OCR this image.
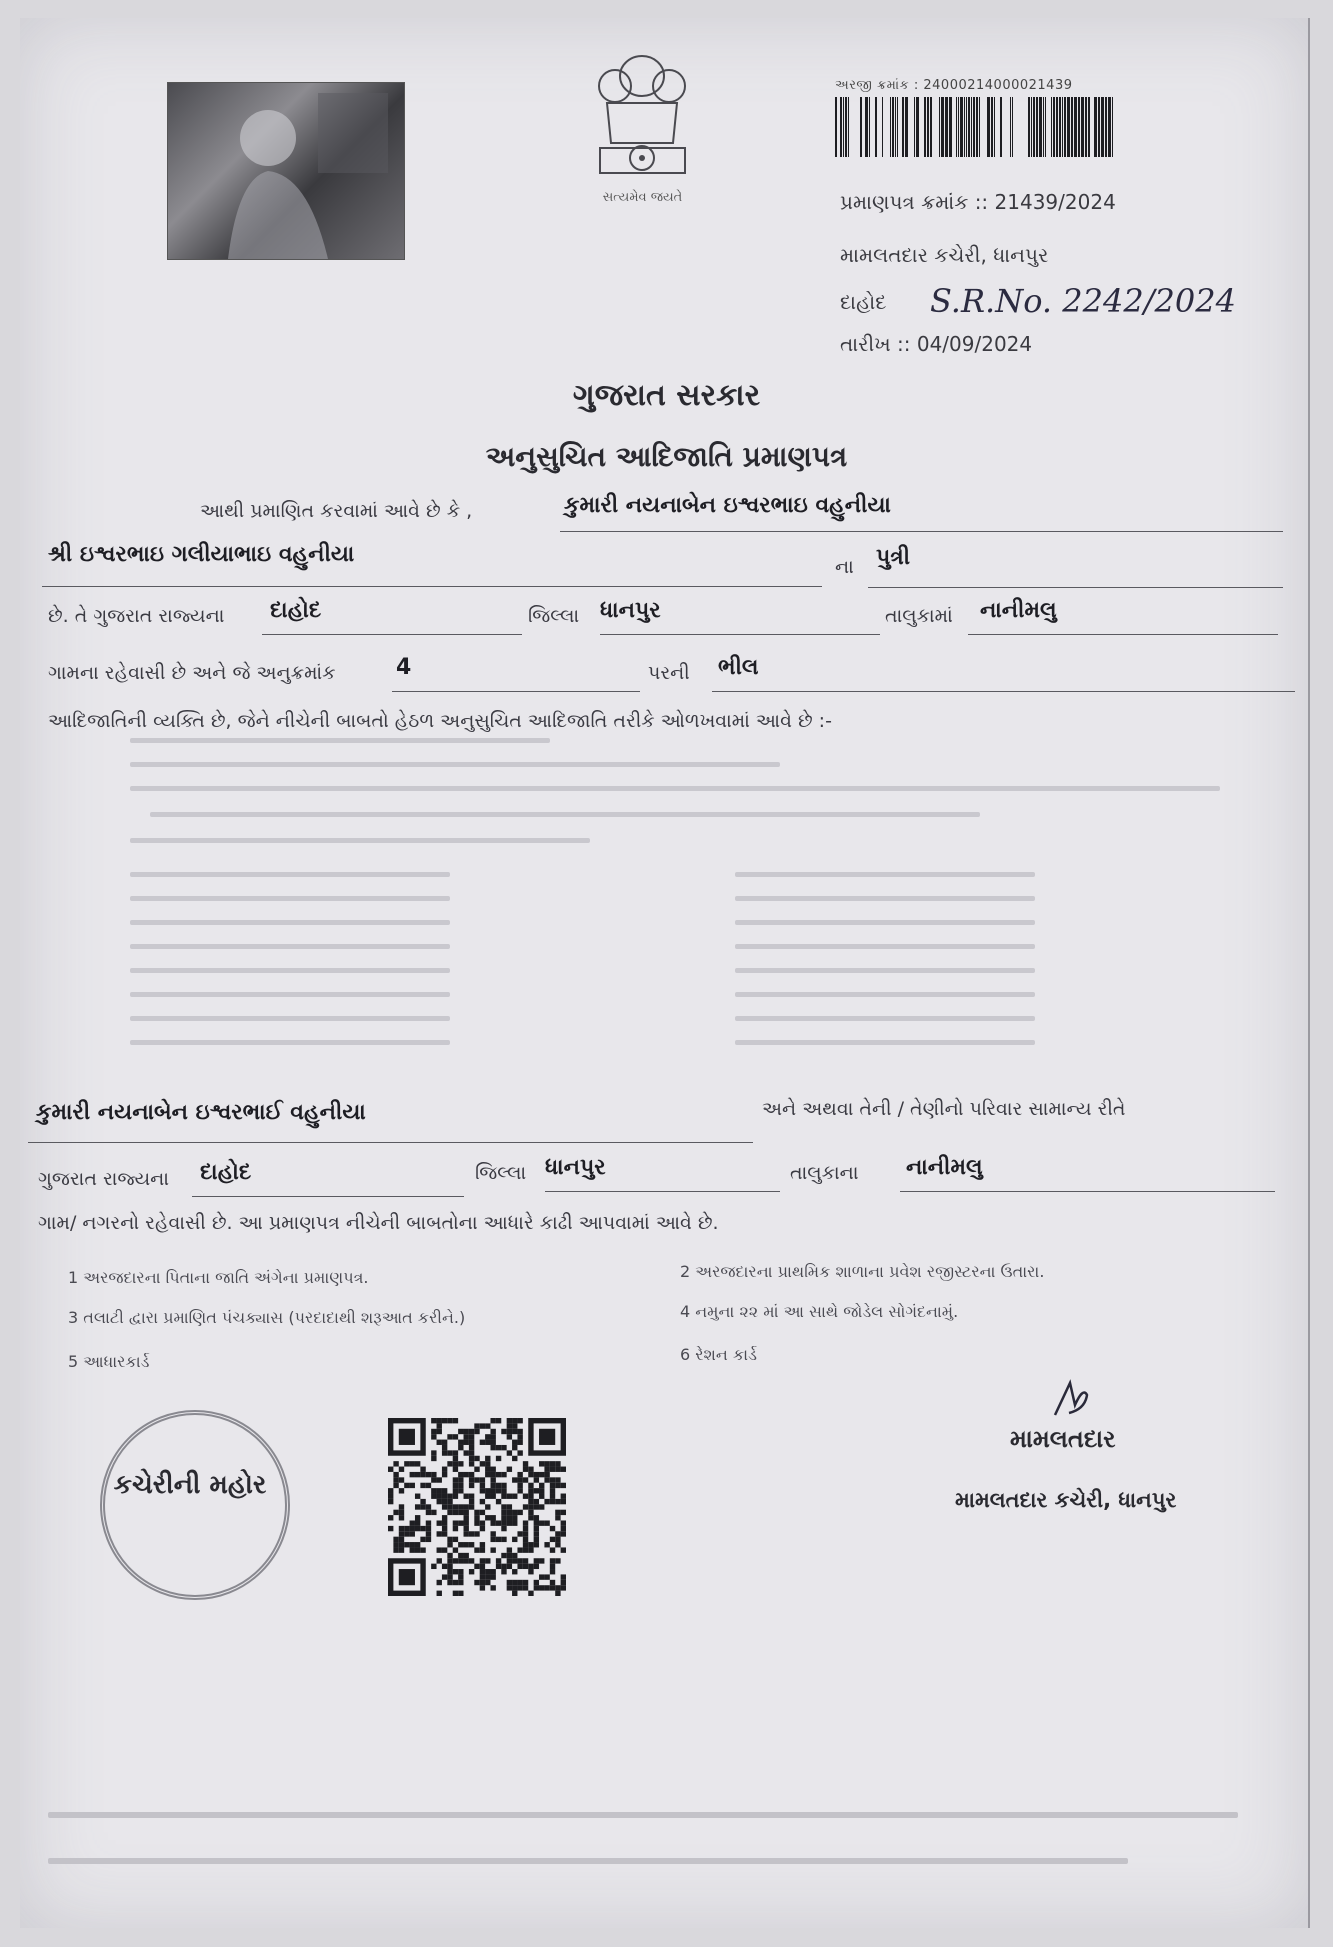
સત્યમેવ જયતે
અરજી ક્રમાંક : 24000214000021439
પ્રમાણપત્ર ક્રમાંક :: 21439/2024
મામલતદાર કચેરી, ધાનપુર
દાહોદ S.R.No. 2242/2024
તારીખ :: 04/09/2024
ગુજરાત સરકાર
અનુસુચિત આદિજાતિ પ્રમાણપત્ર
આથી પ્રમાણિત કરવામાં આવે છે કે ,	કુમારી નયનાબેન ઇશ્વરભાઇ વહુનીયા
શ્રી ઇશ્વરભાઇ ગલીયાભાઇ વહુનીયા	ના	પુત્રી
છે. તે ગુજરાત રાજ્યના	દાહોદ	જિલ્લા ધાનપુર	તાલુકામાં	નાનીમલુ
ગામના રહેવાસી છે અને જે અનુક્રમાંક	4	પરની ભીલ
આદિજાતિની વ્યક્તિ છે, જેને નીચેની બાબતો હેઠળ અનુસુચિત આદિજાતિ તરીકે ઓળખવામાં આવે છે :-
કુમારી નયનાબેન ઇશ્વરભાઈ વહુનીયા	અને અથવા તેની / તેણીનો પરિવાર સામાન્ય રીતે
ગુજરાત રાજ્યના	દાહોદ	જિલ્લા ધાનપુર	તાલુકાના નાનીમલુ
ગામ/ નગરનો રહેવાસી છે. આ પ્રમાણપત્ર નીચેની બાબતોના આધારે કાઢી આપવામાં આવે છે.
1 અરજદારના પિતાના જાતિ અંગેના પ્રમાણપત્ર.	2 અરજદારના પ્રાથમિક શાળાના પ્રવેશ રજીસ્ટરના ઉતારા.
3 તલાટી દ્વારા પ્રમાણિત પંચક્યાસ (પરદાદાથી શરૂઆત કરીને.)	4 નમુના ૨૨ માં આ સાથે જોડેલ સોગંદનામું.
5 આધારકાર્ડ	6 રેશન કાર્ડ
કચેરીની મહોર
મામલતદાર
મામલતદાર કચેરી, ધાનપુર
